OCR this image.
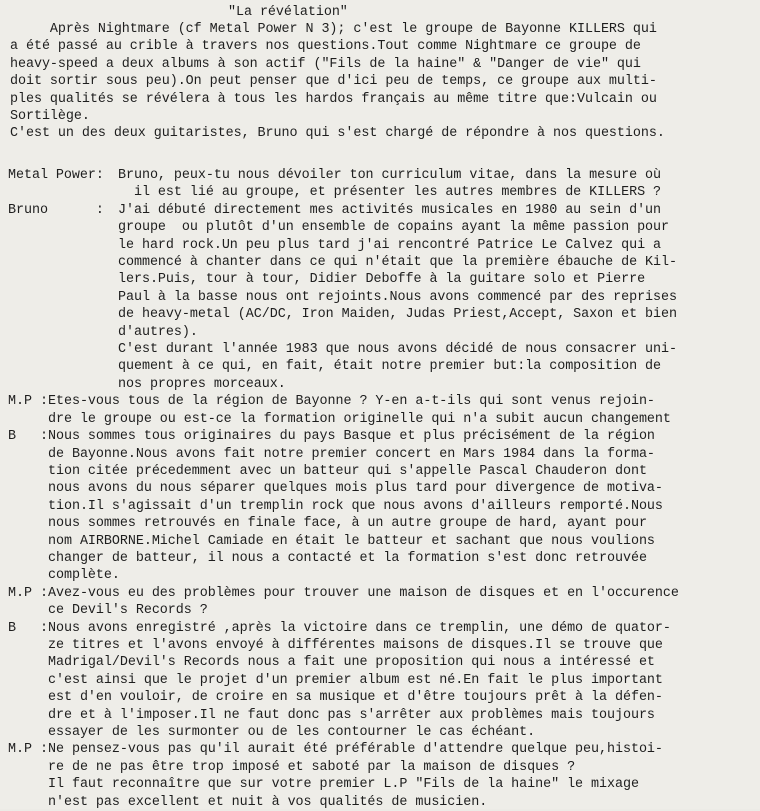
"La révélation"
Après Nightmare (cf Metal Power N 3); c'est le groupe de Bayonne KILLERS qui
a été passé au crible à travers nos questions.Tout comme Nightmare ce groupe de
heavy-speed a deux albums à son actif ("Fils de la haine" & "Danger de vie" qui
doit sortir sous peu).On peut penser que d'ici peu de temps, ce groupe aux multi-
ples qualités se révélera à tous les hardos français au même titre que:Vulcain ou
Sortilège.
C'est un des deux guitaristes, Bruno qui s'est chargé de répondre à nos questions.
Metal Power:	Bruno, peux-tu nous dévoiler ton curriculum vitae, dans la mesure où
il est lié au groupe, et présenter les autres membres de KILLERS ?
Bruno      :	J'ai débuté directement mes activités musicales en 1980 au sein d'un
groupe  ou plutôt d'un ensemble de copains ayant la même passion pour
le hard rock.Un peu plus tard j'ai rencontré Patrice Le Calvez qui a
commencé à chanter dans ce qui n'était que la première ébauche de Kil-
lers.Puis, tour à tour, Didier Deboffe à la guitare solo et Pierre
Paul à la basse nous ont rejoints.Nous avons commencé par des reprises
de heavy-metal (AC/DC, Iron Maiden, Judas Priest,Accept, Saxon et bien
d'autres).
C'est durant l'année 1983 que nous avons décidé de nous consacrer uni-
quement à ce qui, en fait, était notre premier but:la composition de
nos propres morceaux.
M.P : Etes-vous tous de la région de Bayonne ? Y-en a-t-ils qui sont venus rejoin-
dre le groupe ou est-ce la formation originelle qui n'a subit aucun changement
B   : Nous sommes tous originaires du pays Basque et plus précisément de la région
de Bayonne.Nous avons fait notre premier concert en Mars 1984 dans la forma-
tion citée précedemment avec un batteur qui s'appelle Pascal Chauderon dont
nous avons du nous séparer quelques mois plus tard pour divergence de motiva-
tion.Il s'agissait d'un tremplin rock que nous avons d'ailleurs remporté.Nous
nous sommes retrouvés en finale face, à un autre groupe de hard, ayant pour
nom AIRBORNE.Michel Camiade en était le batteur et sachant que nous voulions
changer de batteur, il nous a contacté et la formation s'est donc retrouvée
complète.
M.P : Avez-vous eu des problèmes pour trouver une maison de disques et en l'occurence
ce Devil's Records ?
B   : Nous avons enregistré ,après la victoire dans ce tremplin, une démo de quator-
ze titres et l'avons envoyé à différentes maisons de disques.Il se trouve que
Madrigal/Devil's Records nous a fait une proposition qui nous a intéressé et
c'est ainsi que le projet d'un premier album est né.En fait le plus important
est d'en vouloir, de croire en sa musique et d'être toujours prêt à la défen-
dre et à l'imposer.Il ne faut donc pas s'arrêter aux problèmes mais toujours
essayer de les surmonter ou de les contourner le cas échéant.
M.P : Ne pensez-vous pas qu'il aurait été préférable d'attendre quelque peu,histoi-
re de ne pas être trop imposé et saboté par la maison de disques ?
Il faut reconnaître que sur votre premier L.P "Fils de la haine" le mixage
n'est pas excellent et nuit à vos qualités de musicien.
